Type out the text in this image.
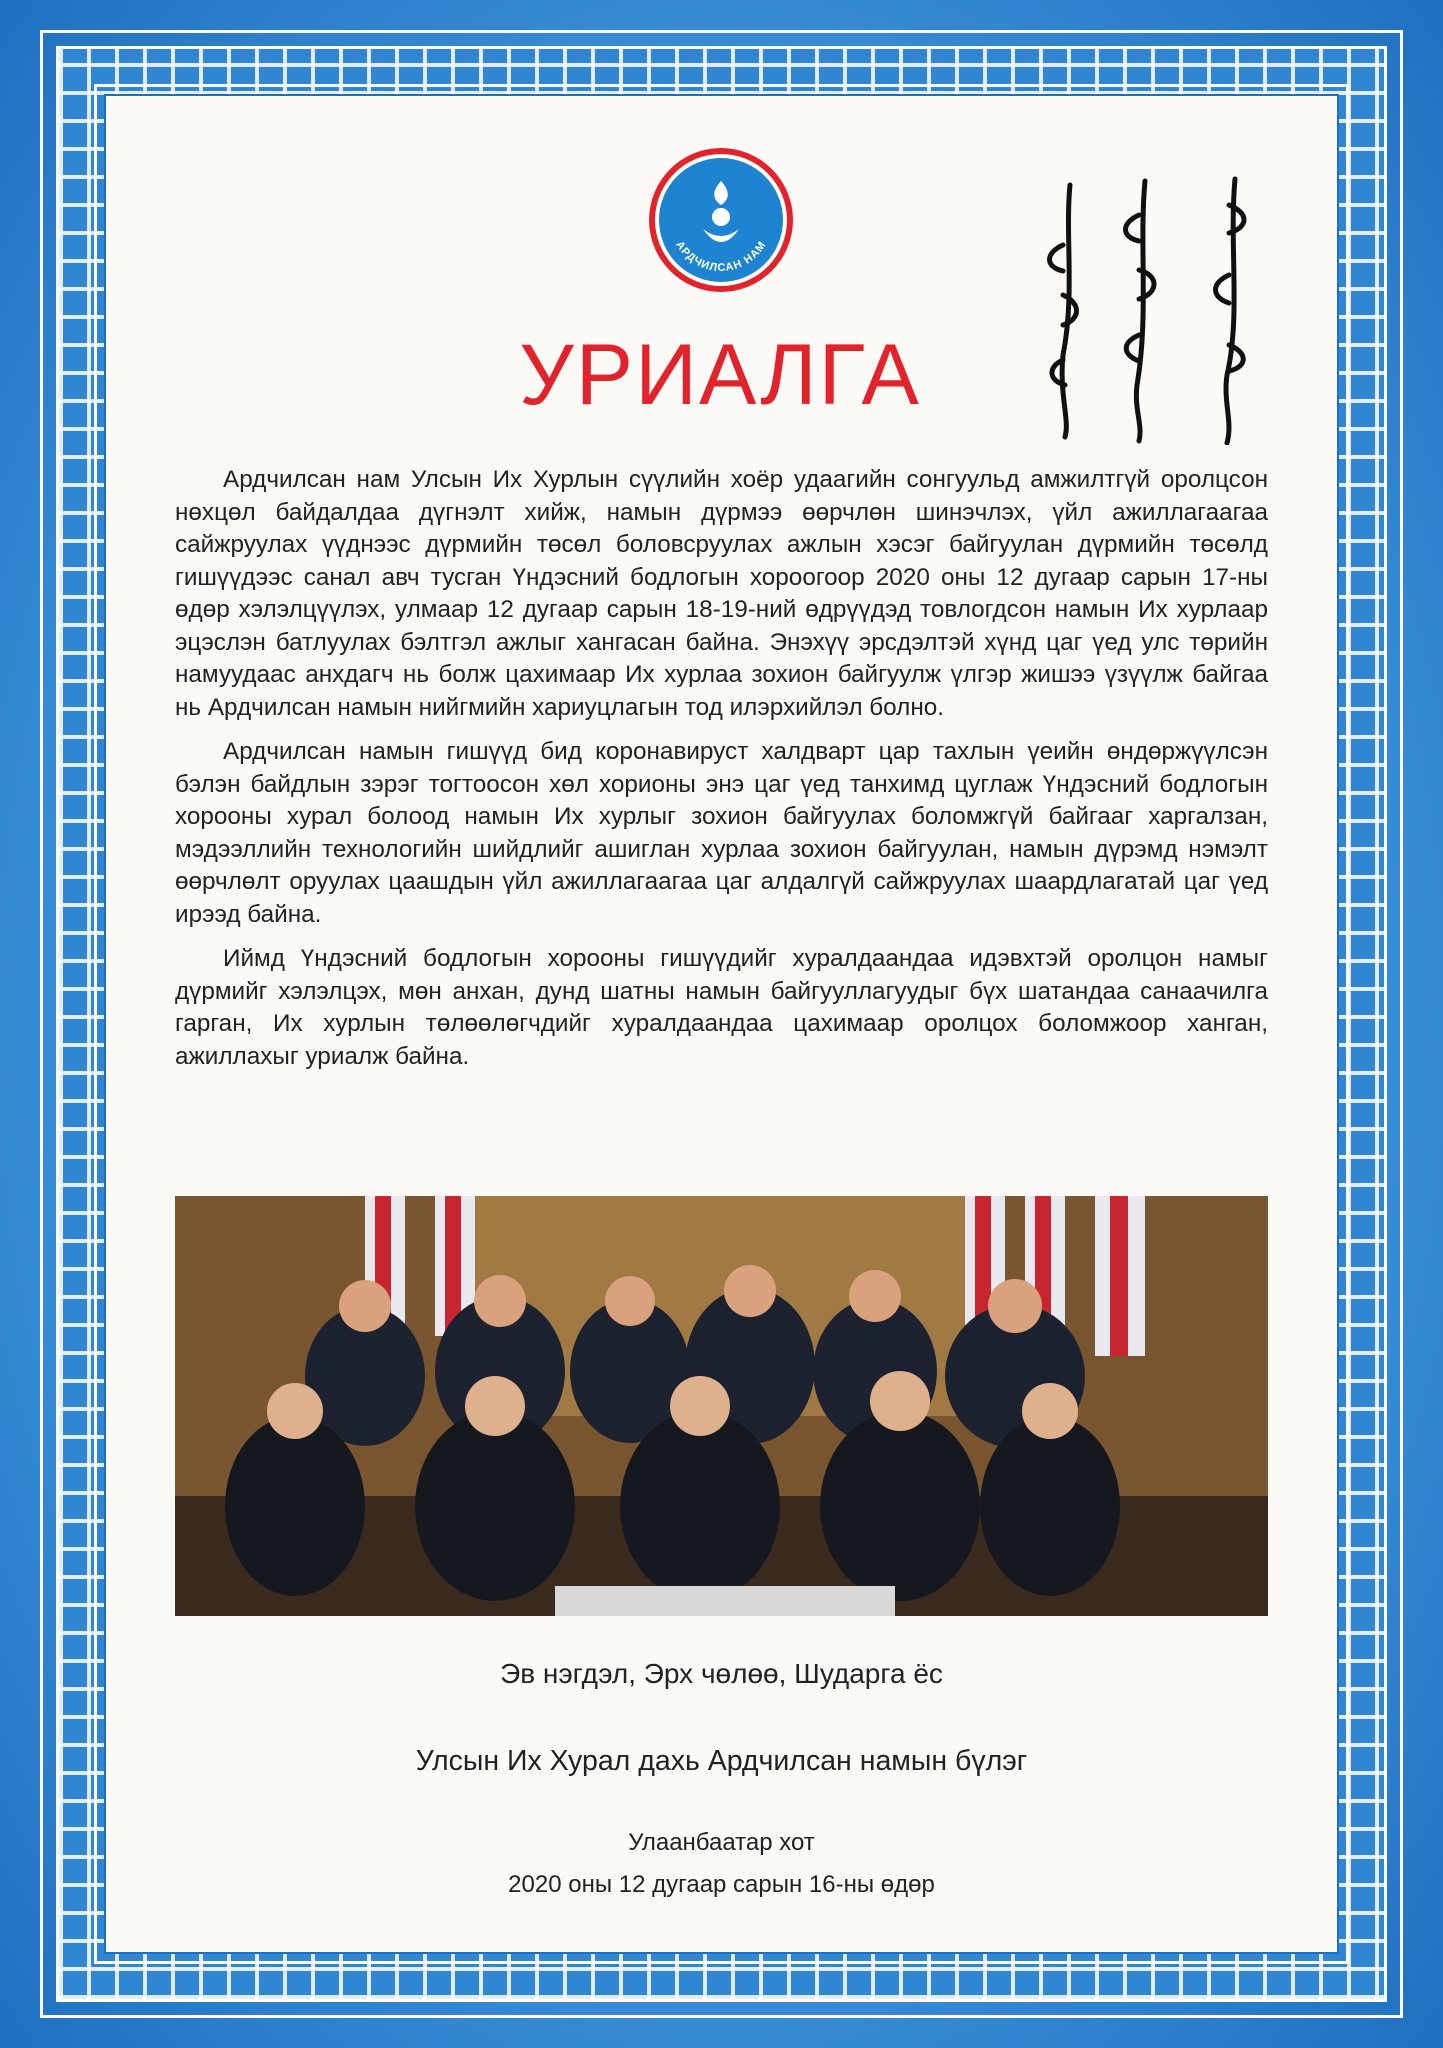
АРДЧИЛСАН НАМ
УРИАЛГА

Ардчилсан нам Улсын Их Хурлын сүүлийн хоёр удаагийн сонгуульд амжилтгүй оролцсон нөхцөл байдалдаа дүгнэлт хийж, намын дүрмээ өөрчлөн шинэчлэх, үйл ажиллагаагаа сайжруулах үүднээс дүрмийн төсөл боловсруулах ажлын хэсэг байгуулан дүрмийн төсөлд гишүүдээс санал авч тусган Үндэсний бодлогын хороогоор 2020 оны 12 дугаар сарын 17-ны өдөр хэлэлцүүлэх, улмаар 12 дугаар сарын 18-19-ний өдрүүдэд товлогдсон намын Их хурлаар эцэслэн батлуулах бэлтгэл ажлыг хангасан байна. Энэхүү эрсдэлтэй хүнд цаг үед улс төрийн намуудаас анхдагч нь болж цахимаар Их хурлаа зохион байгуулж үлгэр жишээ үзүүлж байгаа нь Ардчилсан намын нийгмийн хариуцлагын тод илэрхийлэл болно.

Ардчилсан намын гишүүд бид коронавируст халдварт цар тахлын үеийн өндөржүүлсэн бэлэн байдлын зэрэг тогтоосон хөл хорионы энэ цаг үед танхимд цуглаж Үндэсний бодлогын хорооны хурал болоод намын Их хурлыг зохион байгуулах боломжгүй байгааг харгалзан, мэдээллийн технологийн шийдлийг ашиглан хурлаа зохион байгуулан, намын дүрэмд нэмэлт өөрчлөлт оруулах цаашдын үйл ажиллагаагаа цаг алдалгүй сайжруулах шаардлагатай цаг үед ирээд байна.

Иймд Үндэсний бодлогын хорооны гишүүдийг хуралдаандаа идэвхтэй оролцон намыг дүрмийг хэлэлцэх, мөн анхан, дунд шатны намын байгууллагуудыг бүх шатандаа санаачилга гарган, Их хурлын төлөөлөгчдийг хуралдаандаа цахимаар оролцох боломжоор ханган, ажиллахыг уриалж байна.

Эв нэгдэл, Эрх чөлөө, Шударга ёс

Улсын Их Хурал дахь Ардчилсан намын бүлэг

Улаанбаатар хот

2020 оны 12 дугаар сарын 16-ны өдөр
